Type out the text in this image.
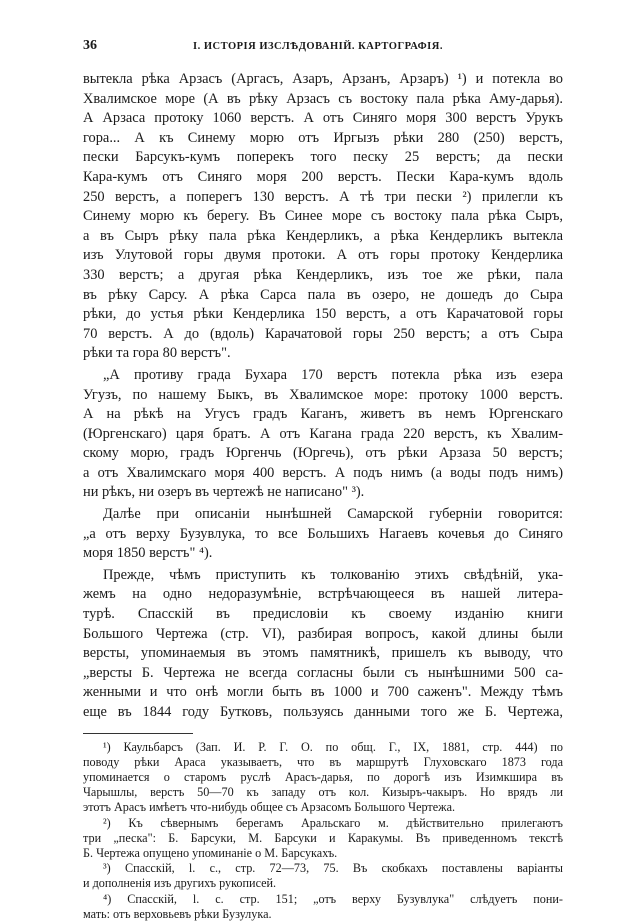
36	I. ИСТОРІЯ ИЗСЛѢДОВАНІЙ. КАРТОГРАФІЯ.

вытекла рѣка Арзасъ (Аргасъ, Азаръ, Арзанъ, Арзаръ) ¹) и потекла во
Хвалимское море (А въ рѣку Арзасъ съ востоку пала рѣка Аму-дарья).
А Арзаса протоку 1060 верстъ. А отъ Синяго моря 300 верстъ Урукъ
гора... А къ Синему морю отъ Иргызъ рѣки 280 (250) верстъ,
пески Барсукъ-кумъ поперекъ того песку 25 верстъ; да пески
Кара-кумъ отъ Синяго моря 200 верстъ. Пески Кара-кумъ вдоль
250 верстъ, а поперегъ 130 верстъ. А тѣ три пески ²) прилегли къ
Синему морю къ берегу. Въ Синее море съ востоку пала рѣка Сыръ,
а въ Сыръ рѣку пала рѣка Кендерликъ, а рѣка Кендерликъ вытекла
изъ Улутовой горы двумя протоки. А отъ горы протоку Кендерлика
330 верстъ; а другая рѣка Кендерликъ, изъ тое же рѣки, пала
въ рѣку Сарсу. А рѣка Сарса пала въ озеро, не дошедъ до Сыра
рѣки, до устья рѣки Кендерлика 150 верстъ, а отъ Карачатовой горы
70 верстъ. А до (вдоль) Карачатовой горы 250 верстъ; а отъ Сыра
рѣки та гора 80 верстъ".

„А противу града Бухара 170 верстъ потекла рѣка изъ езера
Угузъ, по нашему Быкъ, въ Хвалимское море: протоку 1000 верстъ.
А на рѣкѣ на Угусъ градъ Каганъ, живетъ въ немъ Юргенскаго
(Юргенскаго) царя братъ. А отъ Кагана града 220 верстъ, къ Хвалим-
скому морю, градъ Юргенчь (Юргечь), отъ рѣки Арзаза 50 верстъ;
а отъ Хвалимскаго моря 400 верстъ. А подъ нимъ (а воды подъ нимъ)
ни рѣкъ, ни озеръ въ чертежѣ не написано" ³).

Далѣе при описаніи нынѣшней Самарской губерніи говорится:
„а отъ верху Бузувлука, то все Большихъ Нагаевъ кочевья до Синяго
моря 1850 верстъ" ⁴).

Прежде, чѣмъ приступить къ толкованію этихъ свѣдѣній, ука-
жемъ на одно недоразумѣніе, встрѣчающееся въ нашей литера-
турѣ. Спасскій въ предисловіи къ своему изданію книги
Большого Чертежа (стр. VI), разбирая вопросъ, какой длины были
версты, упоминаемыя въ этомъ памятникѣ, пришелъ къ выводу, что
„версты Б. Чертежа не всегда согласны были съ нынѣшними 500 са-
женными и что онѣ могли быть въ 1000 и 700 саженъ". Между тѣмъ
еще въ 1844 году Бутковъ, пользуясь данными того же Б. Чертежа,

¹) Каульбарсъ (Зап. И. Р. Г. О. по общ. Г., IX, 1881, стр. 444) по
поводу рѣки Араса указываетъ, что въ маршрутѣ Глуховскаго 1873 года
упоминается о старомъ руслѣ Арасъ-дарья, по дорогѣ изъ Изимкшира въ
Чарышлы, верстъ 50—70 къ западу отъ кол. Кизыръ-чакыръ. Но врядъ ли
этотъ Арасъ имѣетъ что-нибудь общее съ Арзасомъ Большого Чертежа.

²) Къ сѣвернымъ берегамъ Аральскаго м. дѣйствительно прилегаютъ
три „песка": Б. Барсуки, М. Барсуки и Каракумы. Въ приведенномъ текстѣ
Б. Чертежа опущено упоминаніе о М. Барсукахъ.

³) Спасскій, l. c., стр. 72—73, 75. Въ скобкахъ поставлены варіанты
и дополненія изъ другихъ рукописей.

⁴) Спасскій, l. c. стр. 151; „отъ верху Бузувлука" слѣдуетъ пони-
мать: отъ верховьевъ рѣки Бузулука.
